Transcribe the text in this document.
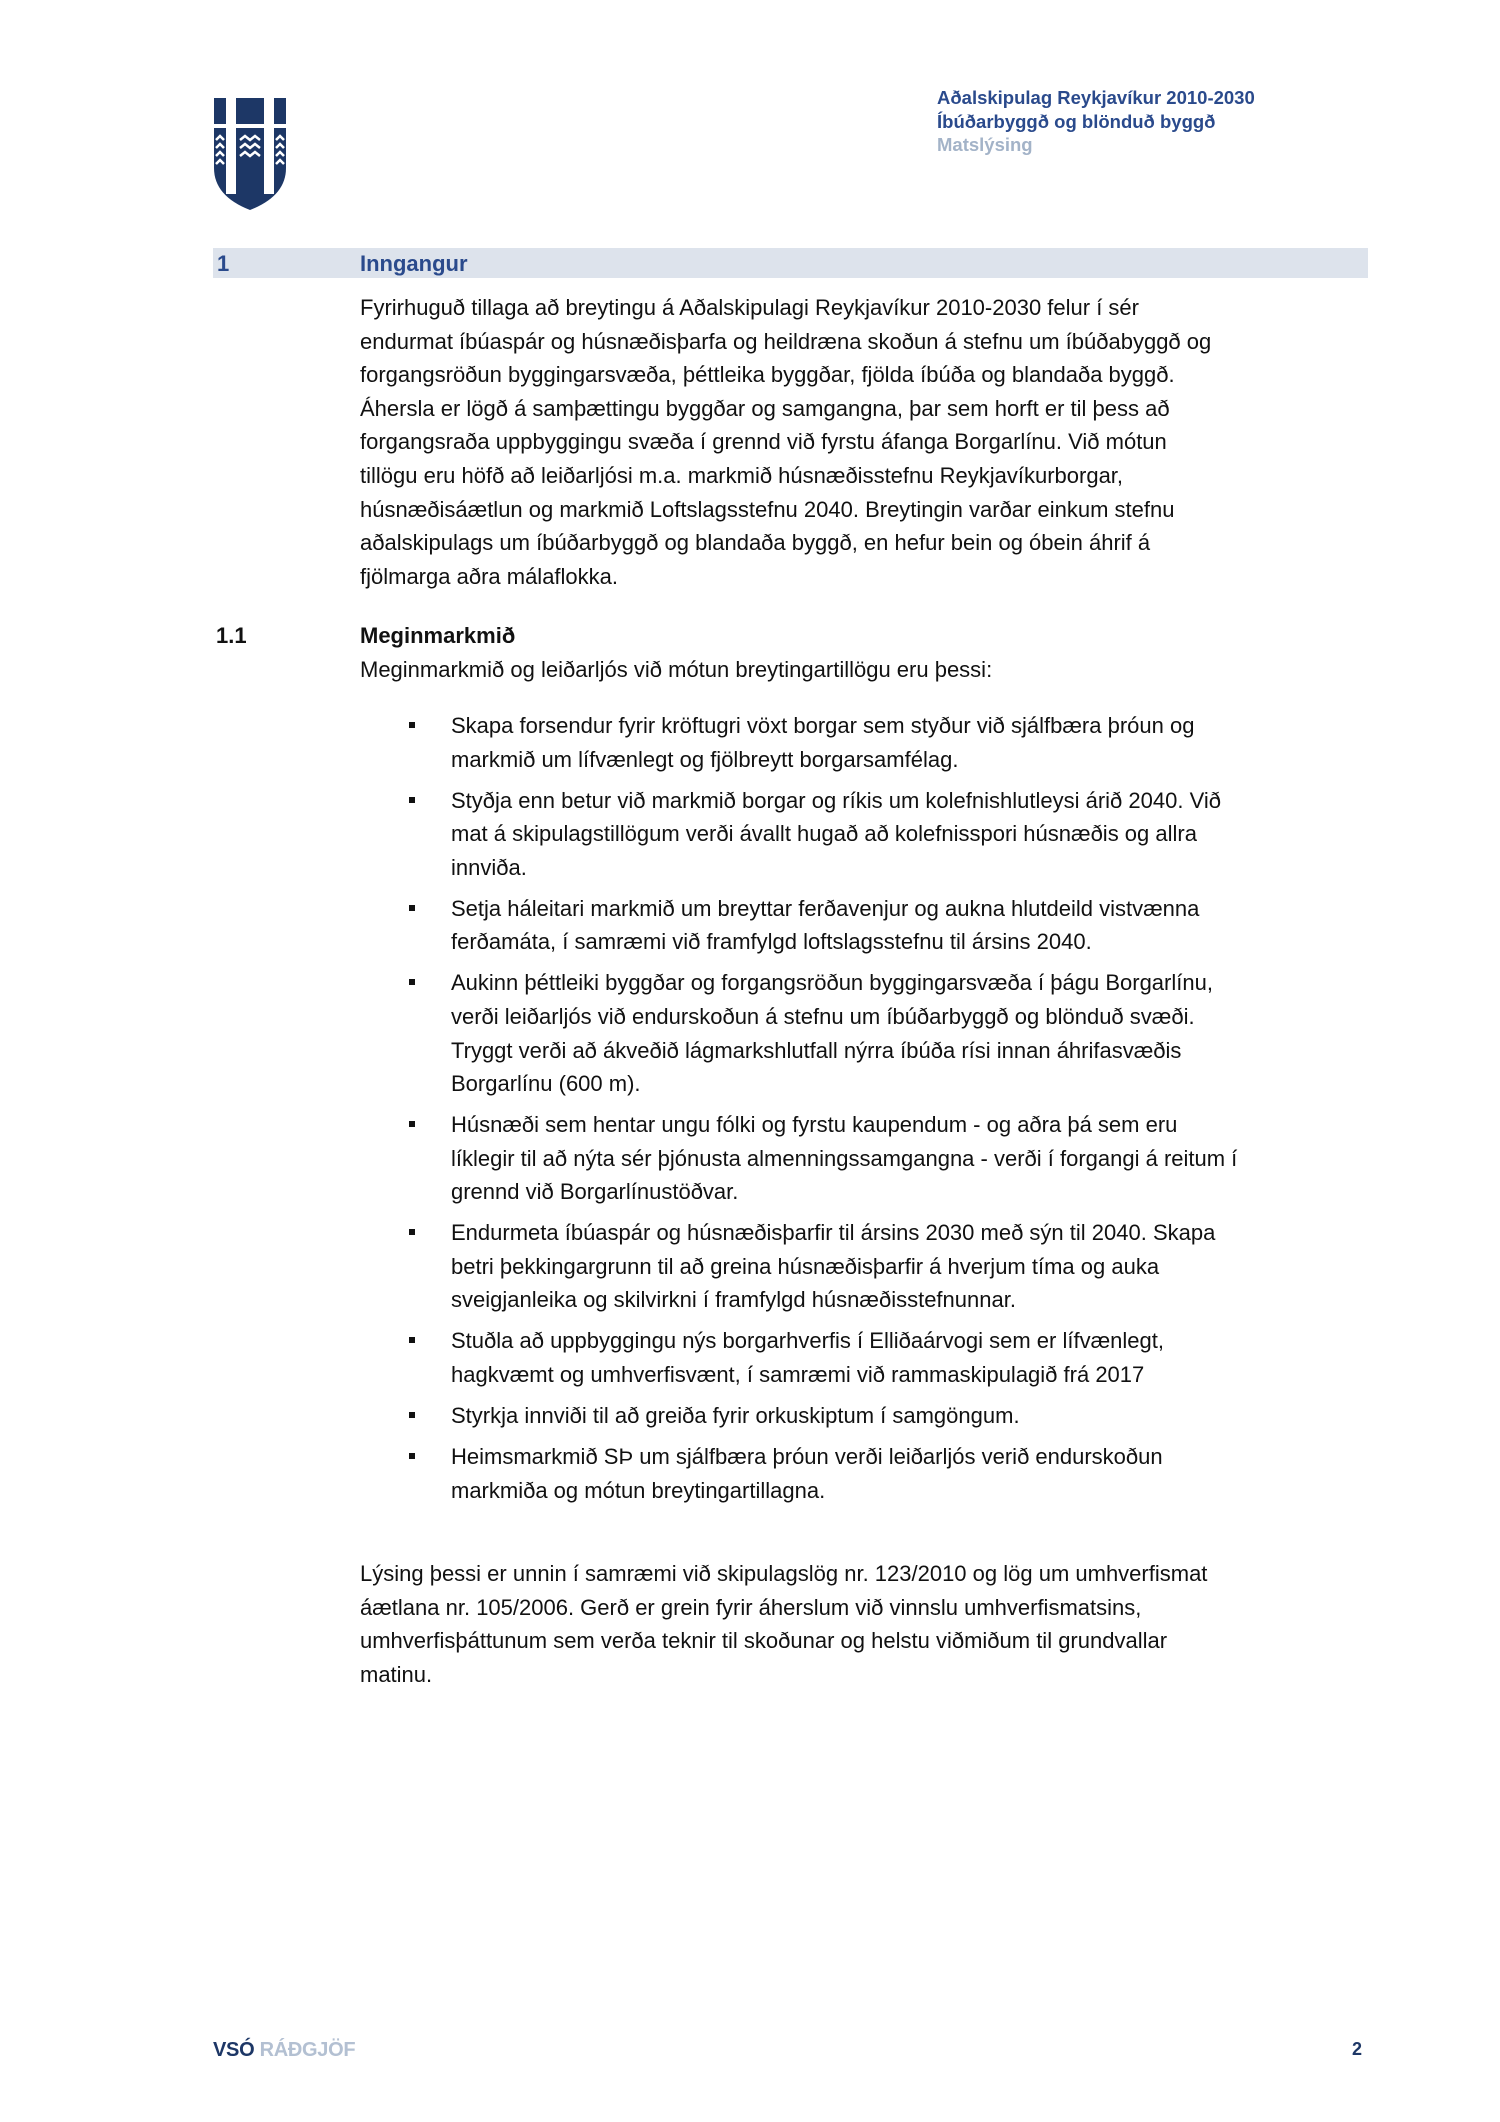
Aðalskipulag Reykjavíkur 2010-2030
Íbúðarbyggð og blönduð byggð
Matslýsing
1	Inngangur
Fyrirhuguð tillaga að breytingu á Aðalskipulagi Reykjavíkur 2010-2030 felur í sér
endurmat íbúaspár og húsnæðisþarfa og heildræna skoðun á stefnu um íbúðabyggð og
forgangsröðun byggingarsvæða, þéttleika byggðar, fjölda íbúða og blandaða byggð.
Áhersla er lögð á samþættingu byggðar og samgangna, þar sem horft er til þess að
forgangsraða uppbyggingu svæða í grennd við fyrstu áfanga Borgarlínu. Við mótun
tillögu eru höfð að leiðarljósi m.a. markmið húsnæðisstefnu Reykjavíkurborgar,
húsnæðisáætlun og markmið Loftslagsstefnu 2040. Breytingin varðar einkum stefnu
aðalskipulags um íbúðarbyggð og blandaða byggð, en hefur bein og óbein áhrif á
fjölmarga aðra málaflokka.
1.1	Meginmarkmið
Meginmarkmið og leiðarljós við mótun breytingartillögu eru þessi:
Skapa forsendur fyrir kröftugri vöxt borgar sem styður við sjálfbæra þróun og
markmið um lífvænlegt og fjölbreytt borgarsamfélag.
Styðja enn betur við markmið borgar og ríkis um kolefnishlutleysi árið 2040. Við
mat á skipulagstillögum verði ávallt hugað að kolefnisspori húsnæðis og allra
innviða.
Setja háleitari markmið um breyttar ferðavenjur og aukna hlutdeild vistvænna
ferðamáta, í samræmi við framfylgd loftslagsstefnu til ársins 2040.
Aukinn þéttleiki byggðar og forgangsröðun byggingarsvæða í þágu Borgarlínu,
verði leiðarljós við endurskoðun á stefnu um íbúðarbyggð og blönduð svæði.
Tryggt verði að ákveðið lágmarkshlutfall nýrra íbúða rísi innan áhrifasvæðis
Borgarlínu (600 m).
Húsnæði sem hentar ungu fólki og fyrstu kaupendum - og aðra þá sem eru
líklegir til að nýta sér þjónusta almenningssamgangna - verði í forgangi á reitum í
grennd við Borgarlínustöðvar.
Endurmeta íbúaspár og húsnæðisþarfir til ársins 2030 með sýn til 2040. Skapa
betri þekkingargrunn til að greina húsnæðisþarfir á hverjum tíma og auka
sveigjanleika og skilvirkni í framfylgd húsnæðisstefnunnar.
Stuðla að uppbyggingu nýs borgarhverfis í Elliðaárvogi sem er lífvænlegt,
hagkvæmt og umhverfisvænt, í samræmi við rammaskipulagið frá 2017
Styrkja innviði til að greiða fyrir orkuskiptum í samgöngum.
Heimsmarkmið SÞ um sjálfbæra þróun verði leiðarljós verið endurskoðun
markmiða og mótun breytingartillagna.
Lýsing þessi er unnin í samræmi við skipulagslög nr. 123/2010 og lög um umhverfismat
áætlana nr. 105/2006. Gerð er grein fyrir áherslum við vinnslu umhverfismatsins,
umhverfisþáttunum sem verða teknir til skoðunar og helstu viðmiðum til grundvallar
matinu.
VSÓ RÁÐGJÖF	2
